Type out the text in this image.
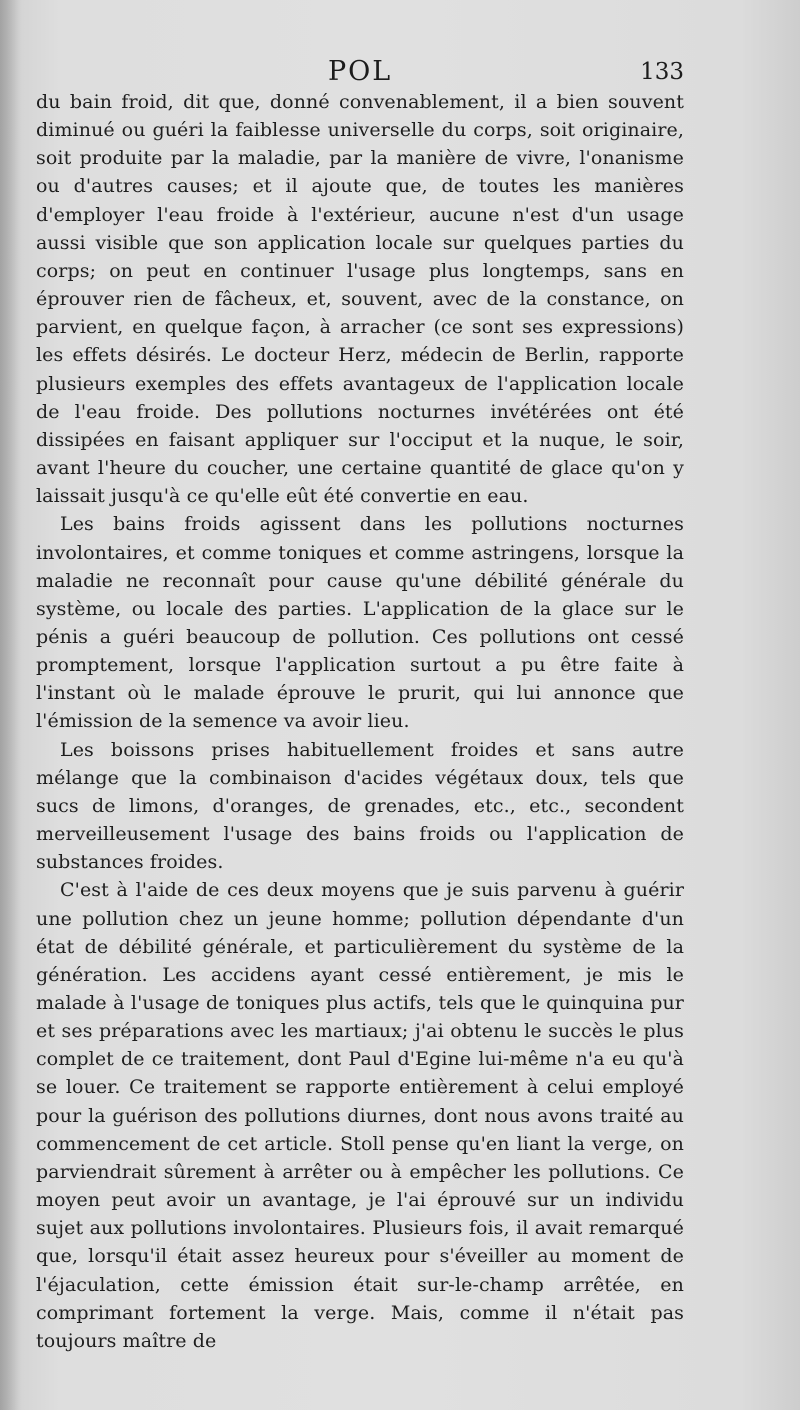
POL	133

du bain froid, dit que, donné convenablement, il a bien souvent diminué ou guéri la faiblesse universelle du corps, soit originaire, soit produite par la maladie, par la manière de vivre, l'onanisme ou d'autres causes; et il ajoute que, de toutes les manières d'employer l'eau froide à l'extérieur, aucune n'est d'un usage aussi visible que son application locale sur quelques parties du corps; on peut en continuer l'usage plus longtemps, sans en éprouver rien de fâcheux, et, souvent, avec de la constance, on parvient, en quelque façon, à arracher (ce sont ses expressions) les effets désirés. Le docteur Herz, médecin de Berlin, rapporte plusieurs exemples des effets avantageux de l'application locale de l'eau froide. Des pollutions nocturnes invétérées ont été dissipées en faisant appliquer sur l'occiput et la nuque, le soir, avant l'heure du coucher, une certaine quantité de glace qu'on y laissait jusqu'à ce qu'elle eût été convertie en eau.

Les bains froids agissent dans les pollutions nocturnes involontaires, et comme toniques et comme astringens, lorsque la maladie ne reconnaît pour cause qu'une débilité générale du système, ou locale des parties. L'application de la glace sur le pénis a guéri beaucoup de pollution. Ces pollutions ont cessé promptement, lorsque l'application surtout a pu être faite à l'instant où le malade éprouve le prurit, qui lui annonce que l'émission de la semence va avoir lieu.

Les boissons prises habituellement froides et sans autre mélange que la combinaison d'acides végétaux doux, tels que sucs de limons, d'oranges, de grenades, etc., etc., secondent merveilleusement l'usage des bains froids ou l'application de substances froides.

C'est à l'aide de ces deux moyens que je suis parvenu à guérir une pollution chez un jeune homme; pollution dépendante d'un état de débilité générale, et particulièrement du système de la génération. Les accidens ayant cessé entièrement, je mis le malade à l'usage de toniques plus actifs, tels que le quinquina pur et ses préparations avec les martiaux; j'ai obtenu le succès le plus complet de ce traitement, dont Paul d'Egine lui-même n'a eu qu'à se louer. Ce traitement se rapporte entièrement à celui employé pour la guérison des pollutions diurnes, dont nous avons traité au commencement de cet article. Stoll pense qu'en liant la verge, on parviendrait sûrement à arrêter ou à empêcher les pollutions. Ce moyen peut avoir un avantage, je l'ai éprouvé sur un individu sujet aux pollutions involontaires. Plusieurs fois, il avait remarqué que, lorsqu'il était assez heureux pour s'éveiller au moment de l'éjaculation, cette émission était sur-le-champ arrêtée, en comprimant fortement la verge. Mais, comme il n'était pas toujours maître de
